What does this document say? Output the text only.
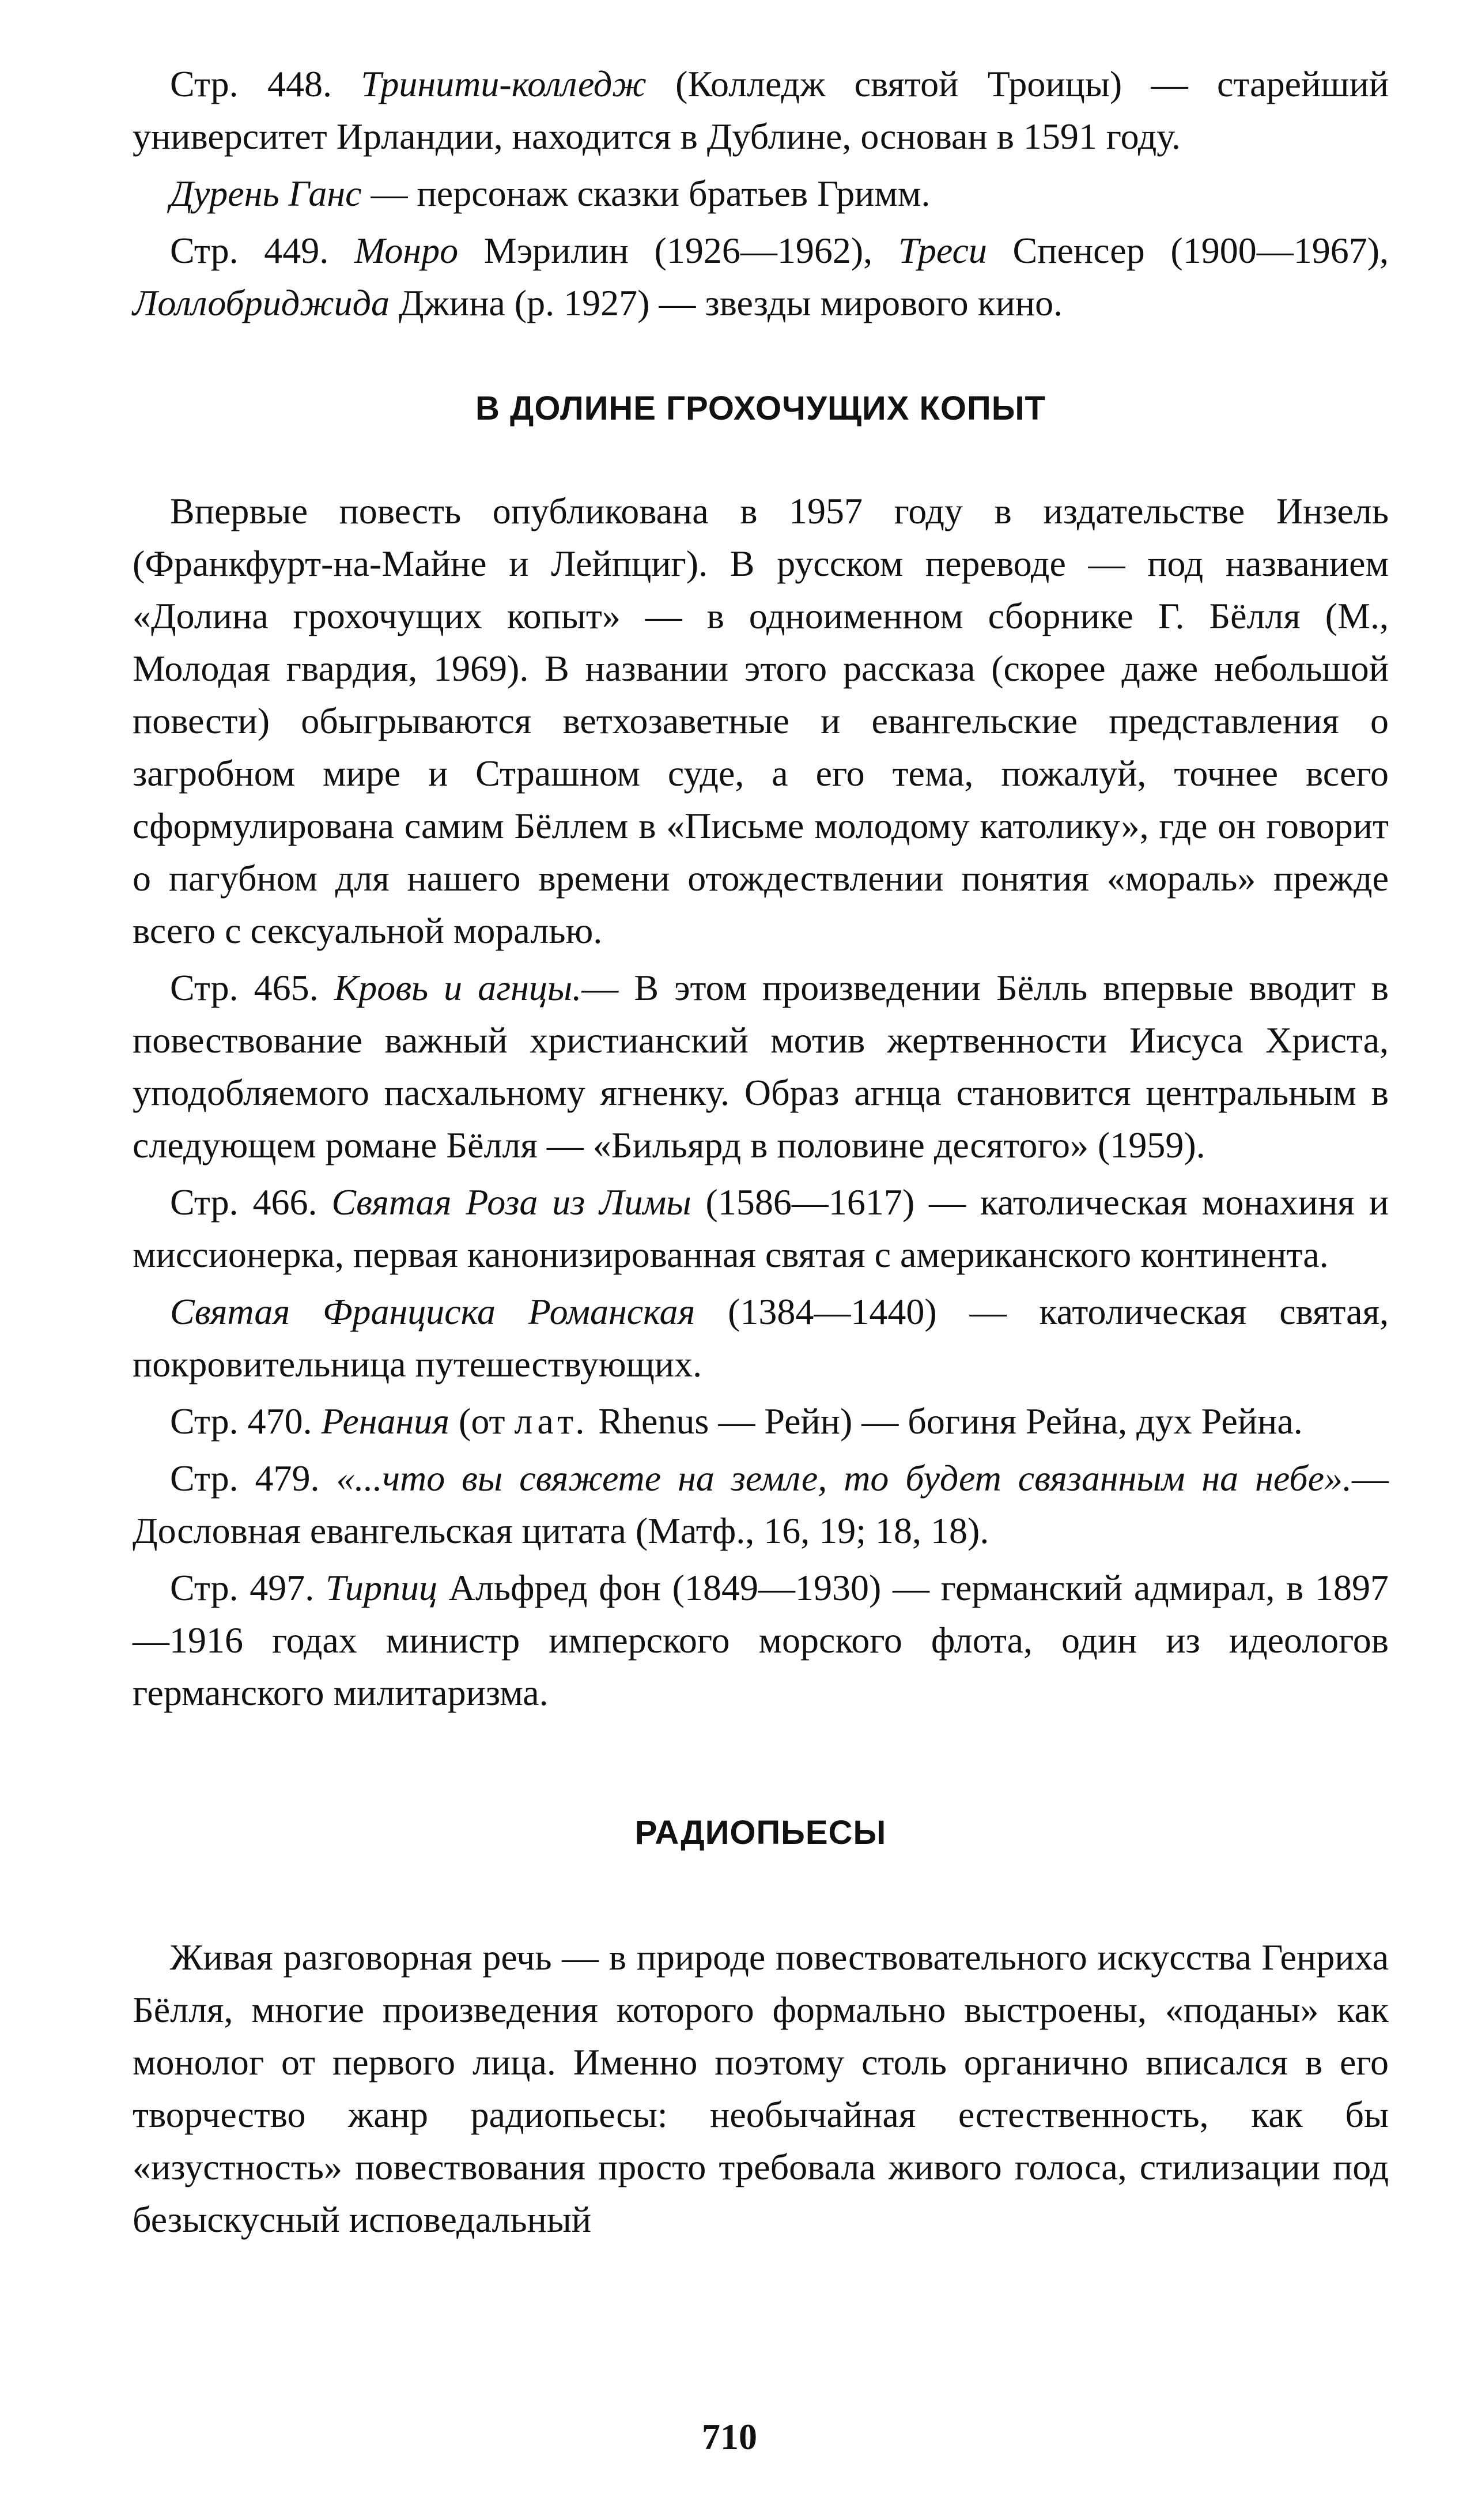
Стр. 448. Тринити-колледж (Колледж святой Троицы) — старейший университет Ирландии, находится в Дублине, основан в 1591 году.

Дурень Ганс — персонаж сказки братьев Гримм.

Стр. 449. Монро Мэрилин (1926—1962), Треси Спенсер (1900—1967), Лоллобриджида Джина (р. 1927) — звезды мирового кино.

В ДОЛИНЕ ГРОХОЧУЩИХ КОПЫТ

Впервые повесть опубликована в 1957 году в издательстве Инзель (Франкфурт-на-Майне и Лейпциг). В русском переводе — под названием «Долина грохочущих копыт» — в одноименном сборнике Г. Бёлля (М., Молодая гвардия, 1969). В названии этого рассказа (скорее даже небольшой повести) обыгрываются ветхозаветные и евангельские представления о загробном мире и Страшном суде, а его тема, пожалуй, точнее всего сформулирована самим Бёллем в «Письме молодому католику», где он говорит о пагубном для нашего времени отождествлении понятия «мораль» прежде всего с сексуальной моралью.

Стр. 465. Кровь и агнцы.— В этом произведении Бёлль впервые вводит в повествование важный христианский мотив жертвенности Иисуса Христа, уподобляемого пасхальному ягненку. Образ агнца становится центральным в следующем романе Бёлля — «Бильярд в половине десятого» (1959).

Стр. 466. Святая Роза из Лимы (1586—1617) — католическая монахиня и миссионерка, первая канонизированная святая с американского континента.

Святая Франциска Романская (1384—1440) — католическая святая, покровительница путешествующих.

Стр. 470. Ренания (от лат. Rhenus — Рейн) — богиня Рейна, дух Рейна.

Стр. 479. «...что вы свяжете на земле, то будет связанным на небе».— Дословная евангельская цитата (Матф., 16, 19; 18, 18).

Стр. 497. Тирпиц Альфред фон (1849—1930) — германский адмирал, в 1897—1916 годах министр имперского морского флота, один из идеологов германского милитаризма.

РАДИОПЬЕСЫ

Живая разговорная речь — в природе повествовательного искусства Генриха Бёлля, многие произведения которого формально выстроены, «поданы» как монолог от первого лица. Именно поэтому столь органично вписался в его творчество жанр радиопьесы: необычайная естественность, как бы «изустность» повествования просто требовала живого голоса, стилизации под безыскусный исповедальный

710
